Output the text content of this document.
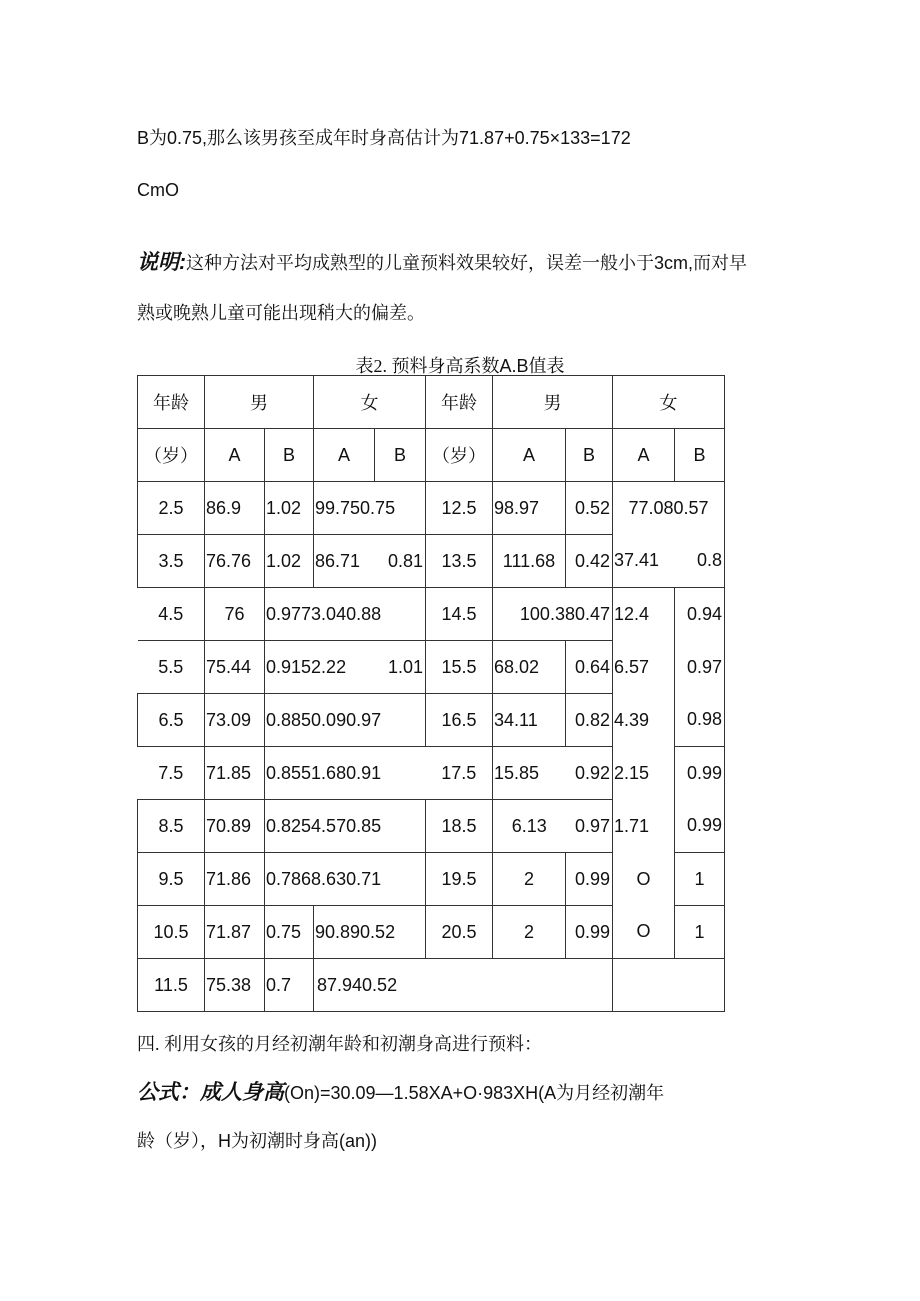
B为0.75,那么该男孩至成年时身高估计为71.87+0.75×133=172
CmO
说明:这种方法对平均成熟型的儿童预料效果较好，误差一般小于3cm,而对早
熟或晚熟儿童可能出现稍大的偏差。
表2. 预料身高系数A.B值表
年龄	男		女		年龄	男		女	
（岁）	A	B	A	B	（岁）	A	B	A	B
2.5	86.9	1.02	99.750.75		12.5	98.97	0.52	77.080.57	
3.5	76.76	1.02	86.71	0.81	13.5	111.68	0.42	37.41	0.8
4.5	76	0.9773.040.88			14.5	100.380.47		12.4	0.94
5.5	75.44	0.9152.22		1.01	15.5	68.02	0.64	6.57	0.97
6.5	73.09	0.8850.090.97			16.5	34.11	0.82	4.39	0.98
7.5	71.85	0.8551.680.91			17.5	15.85	0.92	2.15	0.99
8.5	70.89	0.8254.570.85			18.5	6.13	0.97	1.71	0.99
9.5	71.86	0.7868.630.71			19.5	2	0.99	O	1
10.5	71.87	0.75	90.890.52		20.5	2	0.99	O	1
11.5	75.38	0.7	87.940.52						
四. 利用女孩的月经初潮年龄和初潮身高进行预料：
公式：成人身高(On)=30.09—1.58XA+O·983XH(A为月经初潮年
龄（岁），H为初潮时身高(an))
